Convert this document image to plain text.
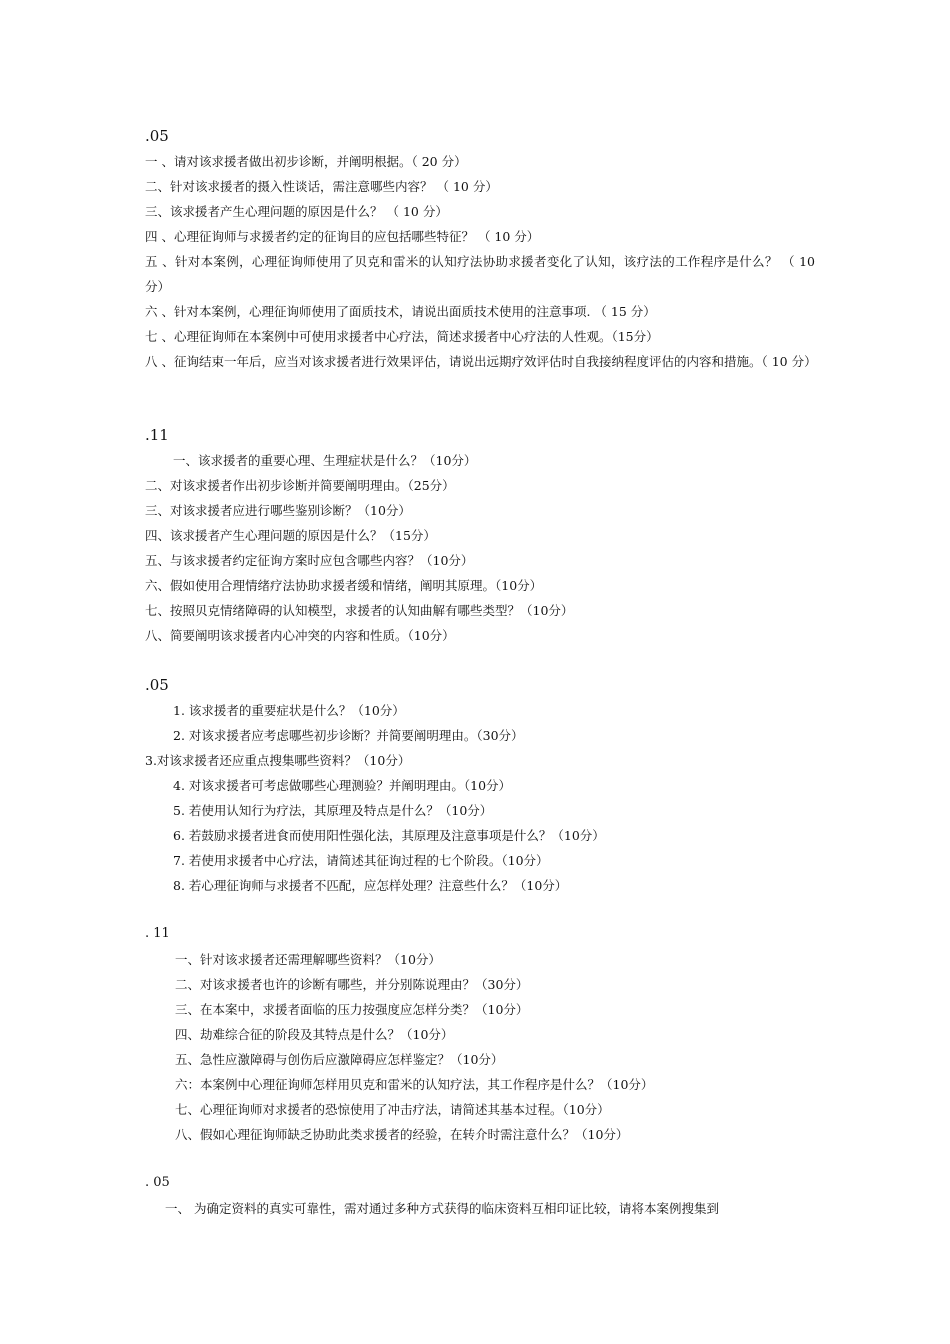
.05
一 、请对该求援者做出初步诊断，并阐明根据。（ 20 分）
二、针对该求援者的摄入性谈话，需注意哪些内容？ （ 10 分）
三、该求援者产生心理问题的原因是什么？ （ 10 分）
四 、心理征询师与求援者约定的征询目的应包括哪些特征？ （ 10 分）
五 、针对本案例，心理征询师使用了贝克和雷米的认知疗法协助求援者变化了认知，该疗法的工作程序是什么？ （ 10 分）
六 、针对本案例，心理征询师使用了面质技术，请说出面质技术使用的注意事项. （ 15 分）
七 、心理征询师在本案例中可使用求援者中心疗法，简述求援者中心疗法的人性观。（15分）
八 、征询结束一年后，应当对该求援者进行效果评估，请说出远期疗效评估时自我接纳程度评估的内容和措施。（ 10 分）
.11
一、该求援者的重要心理、生理症状是什么？（10分）
二、对该求援者作出初步诊断并简要阐明理由。（25分）
三、对该求援者应进行哪些鉴别诊断？（10分）
四、该求援者产生心理问题的原因是什么？（15分）
五、与该求援者约定征询方案时应包含哪些内容？（10分）
六、假如使用合理情绪疗法协助求援者缓和情绪，阐明其原理。（10分）
七、按照贝克情绪障碍的认知模型，求援者的认知曲解有哪些类型？（10分）
八、简要阐明该求援者内心冲突的内容和性质。（10分）
.05
1. 该求援者的重要症状是什么？（10分）
2. 对该求援者应考虑哪些初步诊断？并简要阐明理由。（30分）
3.对该求援者还应重点搜集哪些资料？（10分）
4. 对该求援者可考虑做哪些心理测验？并阐明理由。（10分）
5. 若使用认知行为疗法，其原理及特点是什么？（10分）
6. 若鼓励求援者进食而使用阳性强化法，其原理及注意事项是什么？（10分）
7. 若使用求援者中心疗法，请简述其征询过程的七个阶段。（10分）
8. 若心理征询师与求援者不匹配，应怎样处理？注意些什么？（10分）
. 11
一、针对该求援者还需理解哪些资料？（10分）
二、对该求援者也许的诊断有哪些，并分别陈说理由？（30分）
三、在本案中，求援者面临的压力按强度应怎样分类？（10分）
四、劫难综合征的阶段及其特点是什么？（10分）
五、急性应激障碍与创伤后应激障碍应怎样鉴定？（10分）
六：本案例中心理征询师怎样用贝克和雷米的认知疗法，其工作程序是什么？（10分）
七、心理征询师对求援者的恐惊使用了冲击疗法，请简述其基本过程。（10分）
八、假如心理征询师缺乏协助此类求援者的经验，在转介时需注意什么？（10分）
. 05
一、 为确定资料的真实可靠性，需对通过多种方式获得的临床资料互相印证比较，请将本案例搜集到
